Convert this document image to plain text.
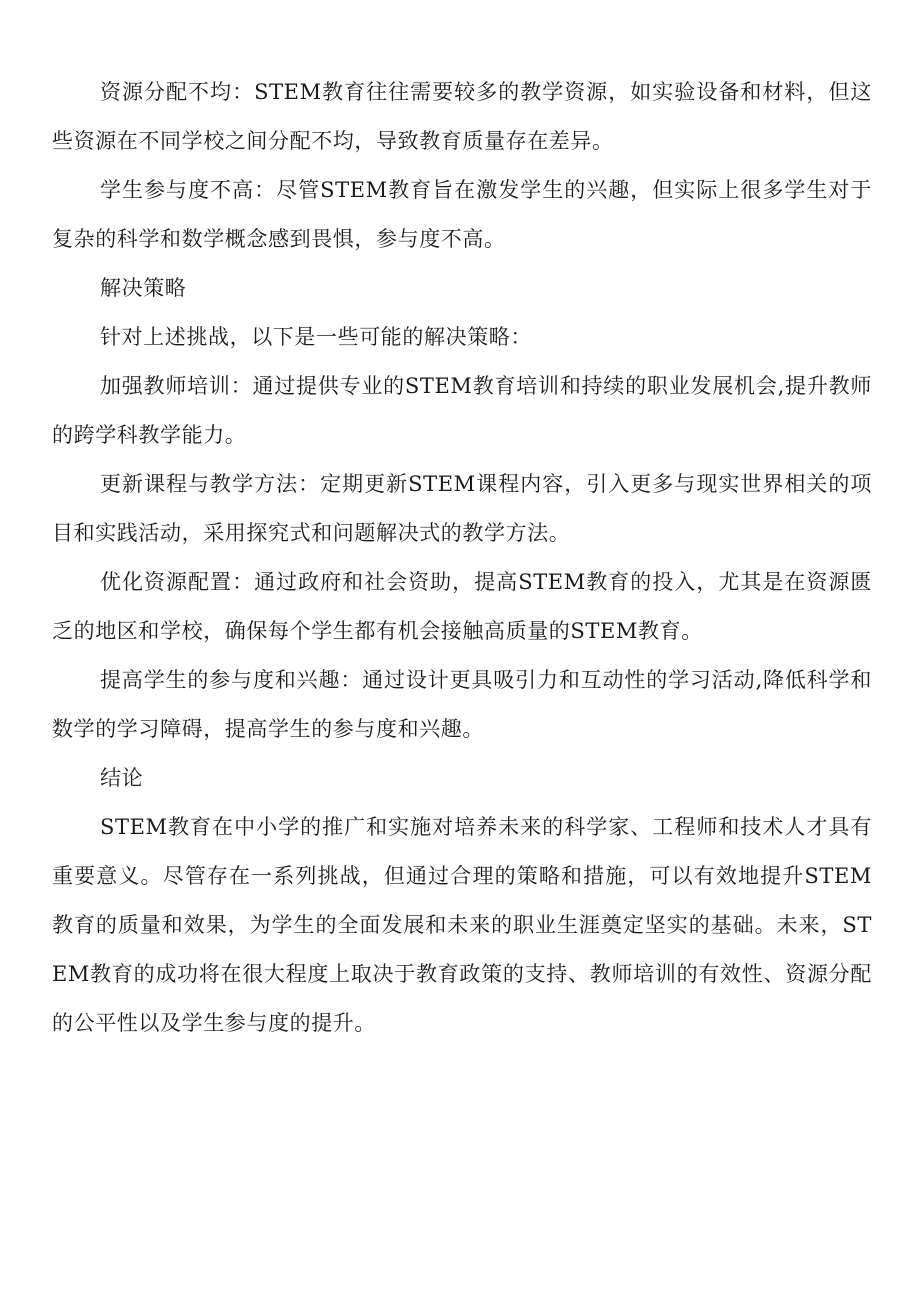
资源分配不均：STEM教育往往需要较多的教学资源，如实验设备和材料，但这些资源在不同学校之间分配不均，导致教育质量存在差异。

学生参与度不高：尽管STEM教育旨在激发学生的兴趣，但实际上很多学生对于复杂的科学和数学概念感到畏惧，参与度不高。

解决策略

针对上述挑战，以下是一些可能的解决策略：

加强教师培训：通过提供专业的STEM教育培训和持续的职业发展机会,提升教师的跨学科教学能力。

更新课程与教学方法：定期更新STEM课程内容，引入更多与现实世界相关的项目和实践活动，采用探究式和问题解决式的教学方法。

优化资源配置：通过政府和社会资助，提高STEM教育的投入，尤其是在资源匮乏的地区和学校，确保每个学生都有机会接触高质量的STEM教育。

提高学生的参与度和兴趣：通过设计更具吸引力和互动性的学习活动,降低科学和数学的学习障碍，提高学生的参与度和兴趣。

结论

STEM教育在中小学的推广和实施对培养未来的科学家、工程师和技术人才具有重要意义。尽管存在一系列挑战，但通过合理的策略和措施，可以有效地提升STEM教育的质量和效果，为学生的全面发展和未来的职业生涯奠定坚实的基础。未来，STEM教育的成功将在很大程度上取决于教育政策的支持、教师培训的有效性、资源分配的公平性以及学生参与度的提升。
